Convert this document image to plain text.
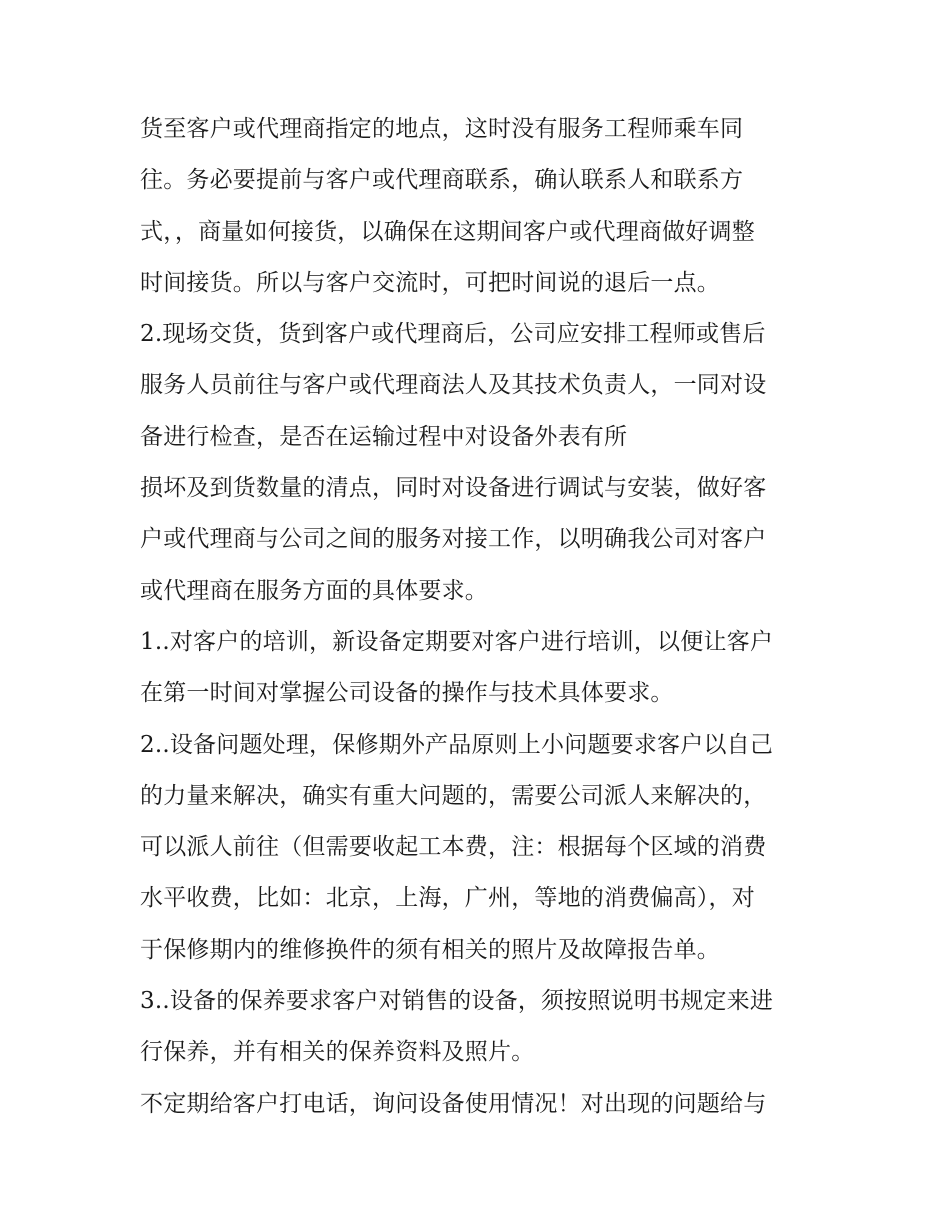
货至客户或代理商指定的地点，这时没有服务工程师乘车同
往。务必要提前与客户或代理商联系，确认联系人和联系方
式，，商量如何接货，以确保在这期间客户或代理商做好调整
时间接货。所以与客户交流时，可把时间说的退后一点。
2.现场交货，货到客户或代理商后，公司应安排工程师或售后
服务人员前往与客户或代理商法人及其技术负责人，一同对设
备进行检查，是否在运输过程中对设备外表有所
损坏及到货数量的清点，同时对设备进行调试与安装，做好客
户或代理商与公司之间的服务对接工作，以明确我公司对客户
或代理商在服务方面的具体要求。
1..对客户的培训，新设备定期要对客户进行培训，以便让客户
在第一时间对掌握公司设备的操作与技术具体要求。
2..设备问题处理，保修期外产品原则上小问题要求客户以自己
的力量来解决，确实有重大问题的，需要公司派人来解决的，
可以派人前往（但需要收起工本费，注：根据每个区域的消费
水平收费，比如：北京，上海，广州，等地的消费偏高），对
于保修期内的维修换件的须有相关的照片及故障报告单。
3..设备的保养要求客户对销售的设备，须按照说明书规定来进
行保养，并有相关的保养资料及照片。
不定期给客户打电话，询问设备使用情况！对出现的问题给与
